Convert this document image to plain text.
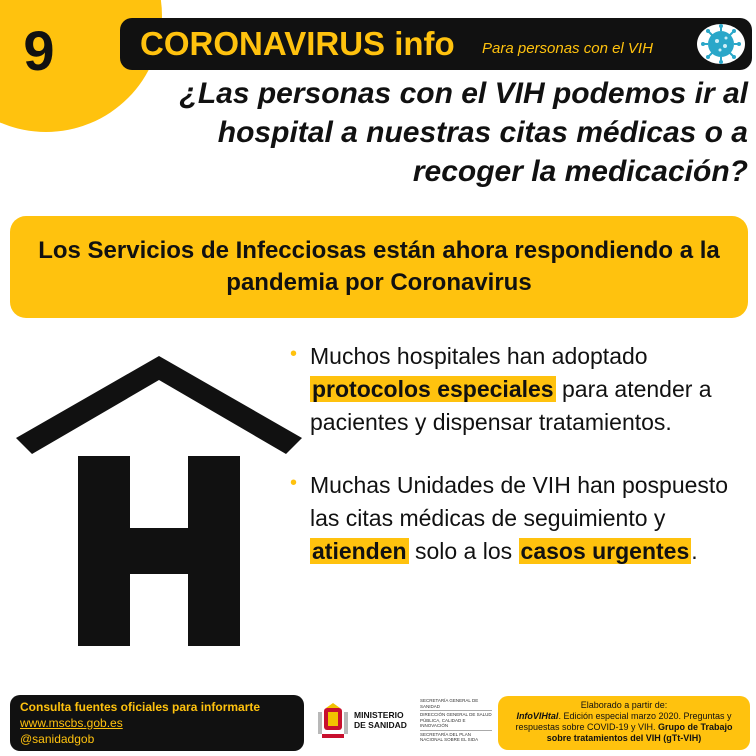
9	CORONAVIRUS info Para personas con el VIH
¿Las personas con el VIH podemos ir al hospital a nuestras citas médicas o a recoger la medicación?
Los Servicios de Infecciosas están ahora respondiendo a la pandemia por Coronavirus
• Muchos hospitales han adoptado protocolos especiales para atender a pacientes y dispensar tratamientos.
• Muchas Unidades de VIH han pospuesto las citas médicas de seguimiento y atienden solo a los casos urgentes.
Consulta fuentes oficiales para informarte
www.mscbs.gob.es
@sanidadgob
MINISTERIO
DE SANIDAD
SECRETARÍA GENERAL DE SANIDAD
DIRECCIÓN GENERAL DE SALUD PÚBLICA, CALIDAD E INNOVACIÓN
SECRETARÍA DEL PLAN NACIONAL SOBRE EL SIDA
Elaborado a partir de:
InfoVIHtal. Edición especial marzo 2020. Preguntas y respuestas sobre COVID-19 y VIH. Grupo de Trabajo sobre tratamientos del VIH (gTt-VIH)
